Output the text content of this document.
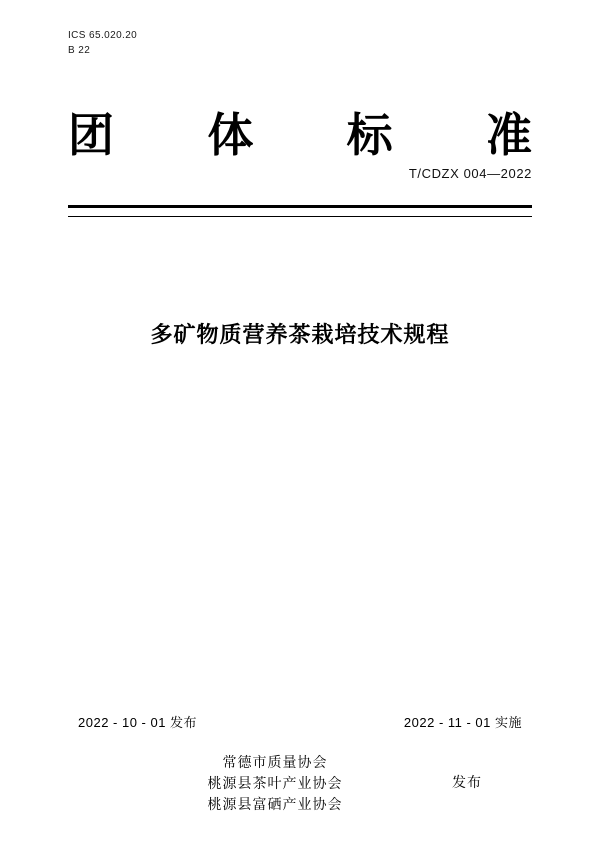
ICS 65.020.20
B 22
团 体 标 准
T/CDZX 004—2022
多矿物质营养茶栽培技术规程
2022 - 10 - 01 发布	2022 - 11 - 01 实施
常德市质量协会
桃源县茶叶产业协会
桃源县富硒产业协会
发布
